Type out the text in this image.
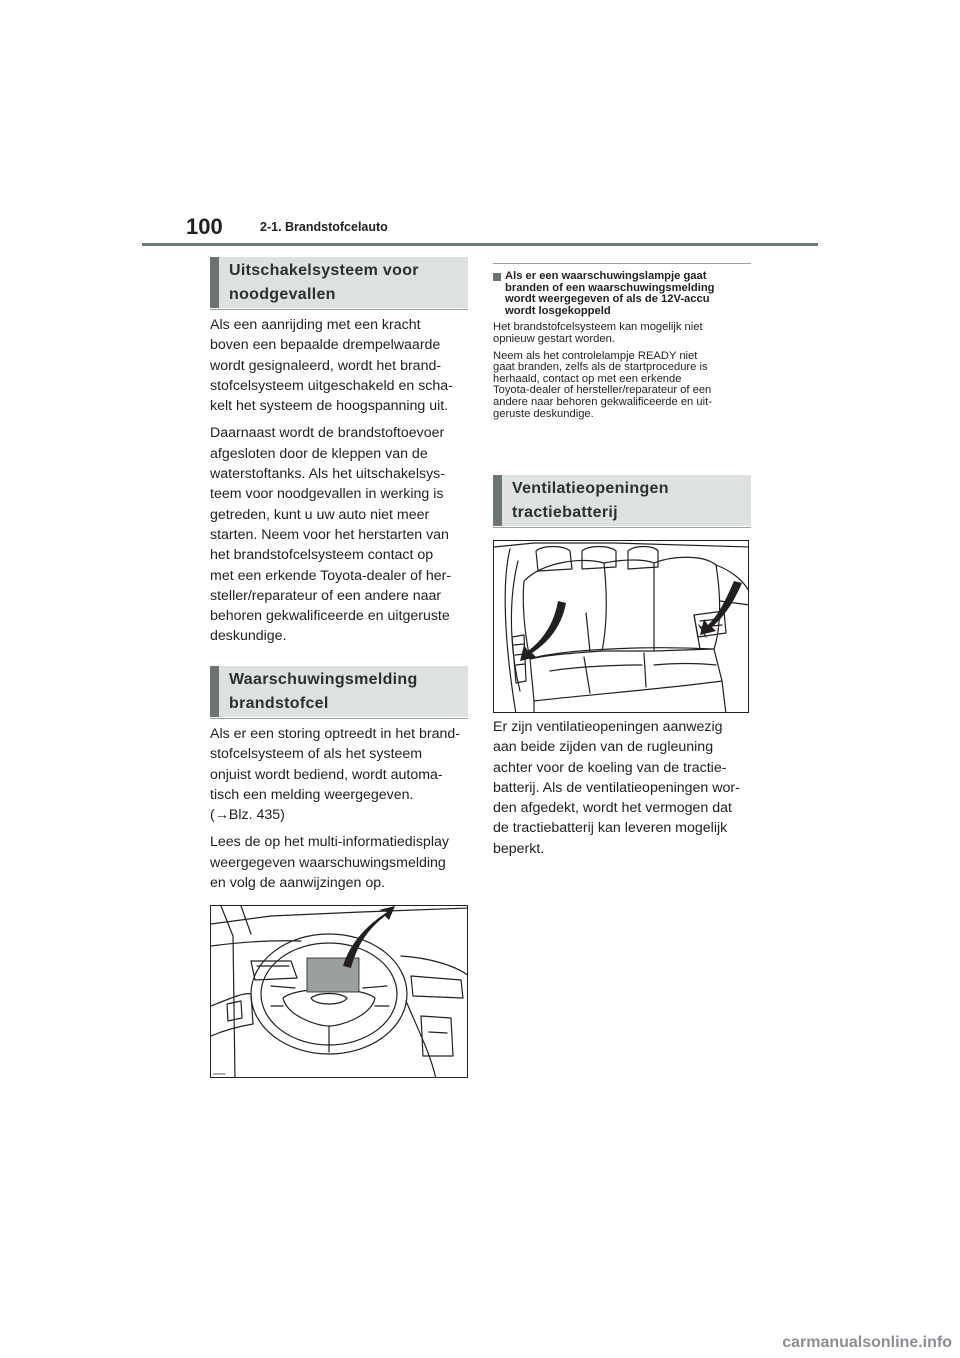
100	2-1. Brandstofcelauto
Uitschakelsysteem voor
noodgevallen

Als een aanrijding met een kracht
boven een bepaalde drempelwaarde
wordt gesignaleerd, wordt het brand-
stofcelsysteem uitgeschakeld en scha-
kelt het systeem de hoogspanning uit.

Daarnaast wordt de brandstoftoevoer
afgesloten door de kleppen van de
waterstoftanks. Als het uitschakelsys-
teem voor noodgevallen in werking is
getreden, kunt u uw auto niet meer
starten. Neem voor het herstarten van
het brandstofcelsysteem contact op
met een erkende Toyota-dealer of her-
steller/reparateur of een andere naar
behoren gekwalificeerde en uitgeruste
deskundige.

Waarschuwingsmelding
brandstofcel

Als er een storing optreedt in het brand-
stofcelsysteem of als het systeem
onjuist wordt bediend, wordt automa-
tisch een melding weergegeven.
(→Blz. 435)

Lees de op het multi-informatiedisplay
weergegeven waarschuwingsmelding
en volg de aanwijzingen op.

Als er een waarschuwingslampje gaat
branden of een waarschuwingsmelding
wordt weergegeven of als de 12V-accu
wordt losgekoppeld

Het brandstofcelsysteem kan mogelijk niet
opnieuw gestart worden.

Neem als het controlelampje READY niet
gaat branden, zelfs als de startprocedure is
herhaald, contact op met een erkende
Toyota-dealer of hersteller/reparateur of een
andere naar behoren gekwalificeerde en uit-
geruste deskundige.

Ventilatieopeningen
tractiebatterij

Er zijn ventilatieopeningen aanwezig
aan beide zijden van de rugleuning
achter voor de koeling van de tractie-
batterij. Als de ventilatieopeningen wor-
den afgedekt, wordt het vermogen dat
de tractiebatterij kan leveren mogelijk
beperkt.

carmanualsonline.info
